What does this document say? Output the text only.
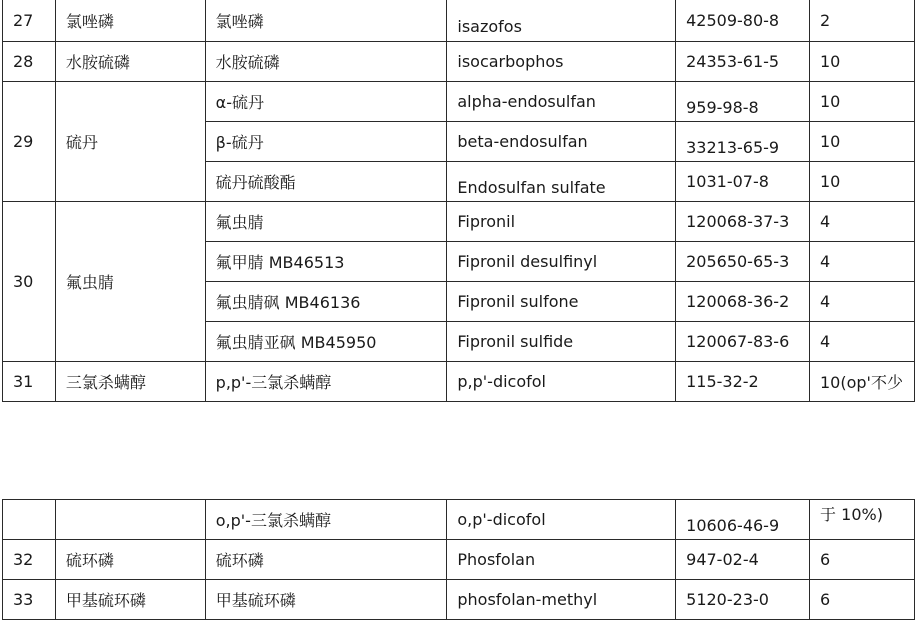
27	氯唑磷	氯唑磷	isazofos	42509-80-8	2
28	水胺硫磷	水胺硫磷	isocarbophos	24353-61-5	10
29	硫丹	α-硫丹	alpha-endosulfan	959-98-8	10
		β-硫丹	beta-endosulfan	33213-65-9	10
		硫丹硫酸酯	Endosulfan sulfate	1031-07-8	10
30	氟虫腈	氟虫腈	Fipronil	120068-37-3	4
		氟甲腈 MB46513	Fipronil desulfinyl	205650-65-3	4
		氟虫腈砜 MB46136	Fipronil sulfone	120068-36-2	4
		氟虫腈亚砜 MB45950	Fipronil sulfide	120067-83-6	4
31	三氯杀螨醇	p,p'-三氯杀螨醇	p,p'-dicofol	115-32-2	10(op'不少
		o,p'-三氯杀螨醇	o,p'-dicofol	10606-46-9	于 10%)
32	硫环磷	硫环磷	Phosfolan	947-02-4	6
33	甲基硫环磷	甲基硫环磷	phosfolan-methyl	5120-23-0	6
